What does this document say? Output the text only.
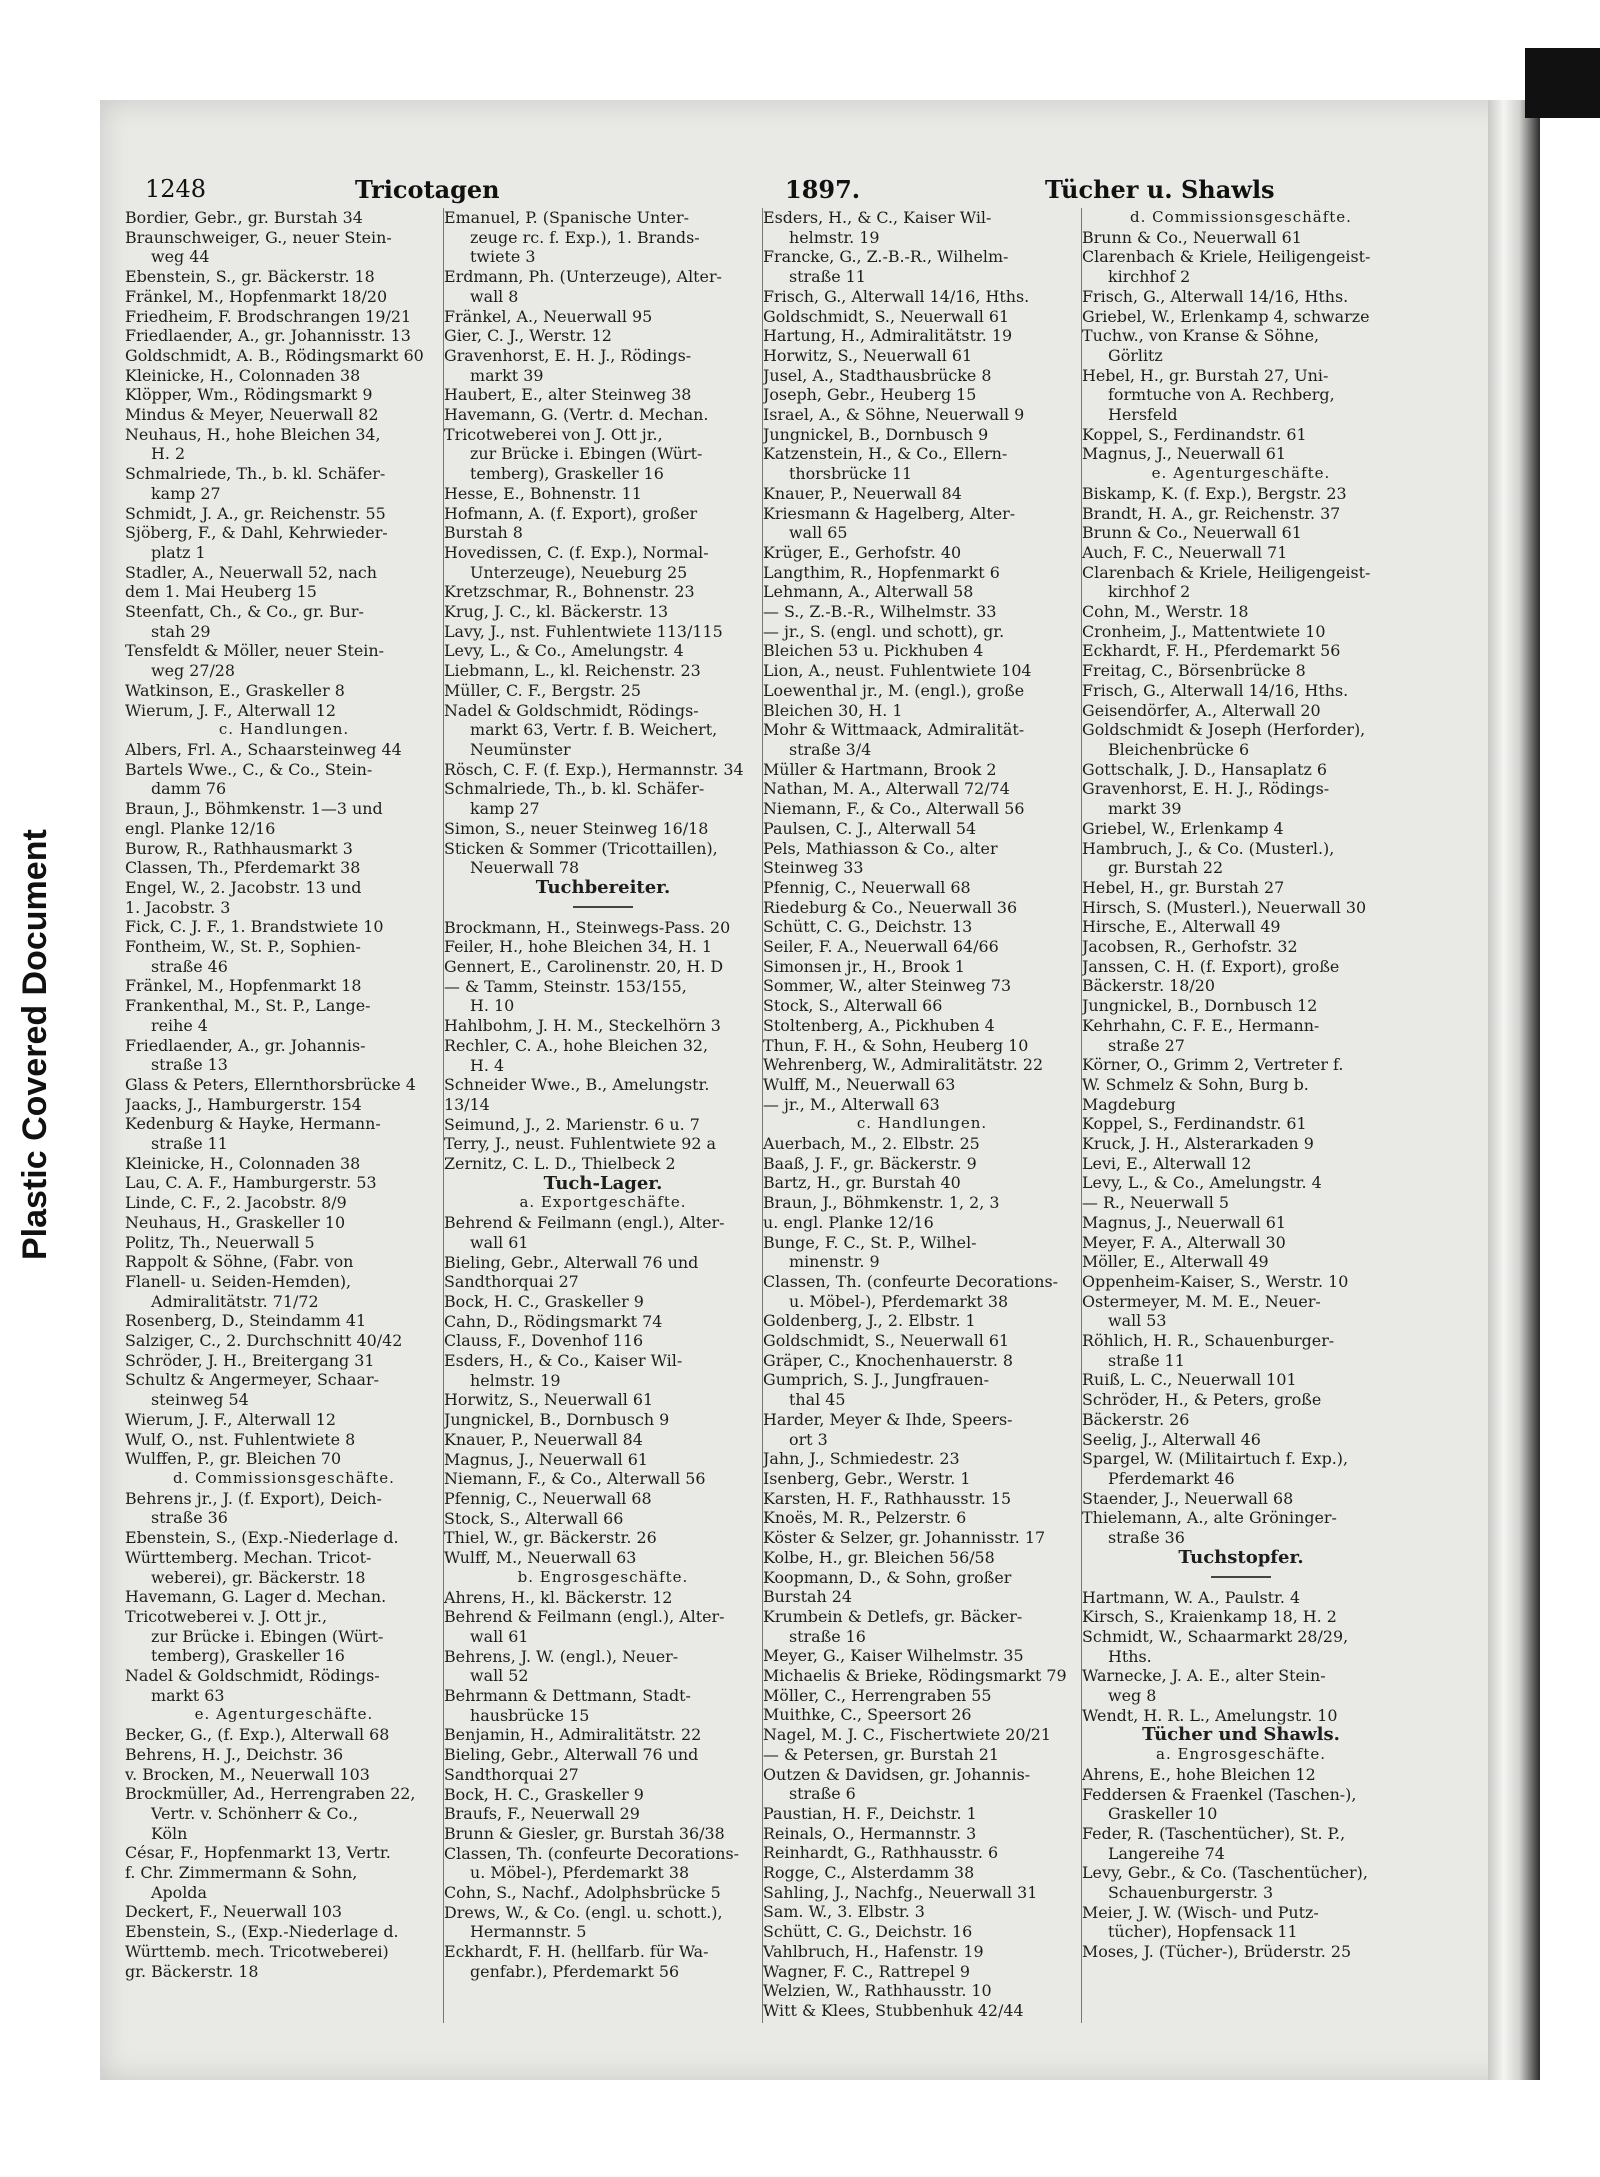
Plastic Covered Document
1248	Tricotagen	1897.	Tücher u. Shawls
Bordier, Gebr., gr. Burstah 34
Braunschweiger, G., neuer Stein-
weg 44
Ebenstein, S., gr. Bäckerstr. 18
Fränkel, M., Hopfenmarkt 18/20
Friedheim, F. Brodschrangen 19/21
Friedlaender, A., gr. Johannisstr. 13
Goldschmidt, A. B., Rödingsmarkt 60
Kleinicke, H., Colonnaden 38
Klöpper, Wm., Rödingsmarkt 9
Mindus & Meyer, Neuerwall 82
Neuhaus, H., hohe Bleichen 34,
H. 2
Schmalriede, Th., b. kl. Schäfer-
kamp 27
Schmidt, J. A., gr. Reichenstr. 55
Sjöberg, F., & Dahl, Kehrwieder-
platz 1
Stadler, A., Neuerwall 52, nach
dem 1. Mai Heuberg 15
Steenfatt, Ch., & Co., gr. Bur-
stah 29
Tensfeldt & Möller, neuer Stein-
weg 27/28
Watkinson, E., Graskeller 8
Wierum, J. F., Alterwall 12
c. Handlungen.
Albers, Frl. A., Schaarsteinweg 44
Bartels Wwe., C., & Co., Stein-
damm 76
Braun, J., Böhmkenstr. 1—3 und
engl. Planke 12/16
Burow, R., Rathhausmarkt 3
Classen, Th., Pferdemarkt 38
Engel, W., 2. Jacobstr. 13 und
1. Jacobstr. 3
Fick, C. J. F., 1. Brandstwiete 10
Fontheim, W., St. P., Sophien-
straße 46
Fränkel, M., Hopfenmarkt 18
Frankenthal, M., St. P., Lange-
reihe 4
Friedlaender, A., gr. Johannis-
straße 13
Glass & Peters, Ellernthorsbrücke 4
Jaacks, J., Hamburgerstr. 154
Kedenburg & Hayke, Hermann-
straße 11
Kleinicke, H., Colonnaden 38
Lau, C. A. F., Hamburgerstr. 53
Linde, C. F., 2. Jacobstr. 8/9
Neuhaus, H., Graskeller 10
Politz, Th., Neuerwall 5
Rappolt & Söhne, (Fabr. von
Flanell- u. Seiden-Hemden),
Admiralitätstr. 71/72
Rosenberg, D., Steindamm 41
Salziger, C., 2. Durchschnitt 40/42
Schröder, J. H., Breitergang 31
Schultz & Angermeyer, Schaar-
steinweg 54
Wierum, J. F., Alterwall 12
Wulf, O., nst. Fuhlentwiete 8
Wulffen, P., gr. Bleichen 70
d. Commissionsgeschäfte.
Behrens jr., J. (f. Export), Deich-
straße 36
Ebenstein, S., (Exp.-Niederlage d.
Württemberg. Mechan. Tricot-
weberei), gr. Bäckerstr. 18
Havemann, G. Lager d. Mechan.
Tricotweberei v. J. Ott jr.,
zur Brücke i. Ebingen (Würt-
temberg), Graskeller 16
Nadel & Goldschmidt, Rödings-
markt 63
e. Agenturgeschäfte.
Becker, G., (f. Exp.), Alterwall 68
Behrens, H. J., Deichstr. 36
v. Brocken, M., Neuerwall 103
Brockmüller, Ad., Herrengraben 22,
Vertr. v. Schönherr & Co.,
Köln
César, F., Hopfenmarkt 13, Vertr.
f. Chr. Zimmermann & Sohn,
Apolda
Deckert, F., Neuerwall 103
Ebenstein, S., (Exp.-Niederlage d.
Württemb. mech. Tricotweberei)
gr. Bäckerstr. 18
Emanuel, P. (Spanische Unter-
zeuge rc. f. Exp.), 1. Brands-
twiete 3
Erdmann, Ph. (Unterzeuge), Alter-
wall 8
Fränkel, A., Neuerwall 95
Gier, C. J., Werstr. 12
Gravenhorst, E. H. J., Rödings-
markt 39
Haubert, E., alter Steinweg 38
Havemann, G. (Vertr. d. Mechan.
Tricotweberei von J. Ott jr.,
zur Brücke i. Ebingen (Würt-
temberg), Graskeller 16
Hesse, E., Bohnenstr. 11
Hofmann, A. (f. Export), großer
Burstah 8
Hovedissen, C. (f. Exp.), Normal-
Unterzeuge), Neueburg 25
Kretzschmar, R., Bohnenstr. 23
Krug, J. C., kl. Bäckerstr. 13
Lavy, J., nst. Fuhlentwiete 113/115
Levy, L., & Co., Amelungstr. 4
Liebmann, L., kl. Reichenstr. 23
Müller, C. F., Bergstr. 25
Nadel & Goldschmidt, Rödings-
markt 63, Vertr. f. B. Weichert,
Neumünster
Rösch, C. F. (f. Exp.), Hermannstr. 34
Schmalriede, Th., b. kl. Schäfer-
kamp 27
Simon, S., neuer Steinweg 16/18
Sticken & Sommer (Tricottaillen),
Neuerwall 78
Tuchbereiter.
Brockmann, H., Steinwegs-Pass. 20
Feiler, H., hohe Bleichen 34, H. 1
Gennert, E., Carolinenstr. 20, H. D
— & Tamm, Steinstr. 153/155,
H. 10
Hahlbohm, J. H. M., Steckelhörn 3
Rechler, C. A., hohe Bleichen 32,
H. 4
Schneider Wwe., B., Amelungstr.
13/14
Seimund, J., 2. Marienstr. 6 u. 7
Terry, J., neust. Fuhlentwiete 92 a
Zernitz, C. L. D., Thielbeck 2
Tuch-Lager.
a. Exportgeschäfte.
Behrend & Feilmann (engl.), Alter-
wall 61
Bieling, Gebr., Alterwall 76 und
Sandthorquai 27
Bock, H. C., Graskeller 9
Cahn, D., Rödingsmarkt 74
Clauss, F., Dovenhof 116
Esders, H., & Co., Kaiser Wil-
helmstr. 19
Horwitz, S., Neuerwall 61
Jungnickel, B., Dornbusch 9
Knauer, P., Neuerwall 84
Magnus, J., Neuerwall 61
Niemann, F., & Co., Alterwall 56
Pfennig, C., Neuerwall 68
Stock, S., Alterwall 66
Thiel, W., gr. Bäckerstr. 26
Wulff, M., Neuerwall 63
b. Engrosgeschäfte.
Ahrens, H., kl. Bäckerstr. 12
Behrend & Feilmann (engl.), Alter-
wall 61
Behrens, J. W. (engl.), Neuer-
wall 52
Behrmann & Dettmann, Stadt-
hausbrücke 15
Benjamin, H., Admiralitätstr. 22
Bieling, Gebr., Alterwall 76 und
Sandthorquai 27
Bock, H. C., Graskeller 9
Braufs, F., Neuerwall 29
Brunn & Giesler, gr. Burstah 36/38
Classen, Th. (confeurte Decorations-
u. Möbel-), Pferdemarkt 38
Cohn, S., Nachf., Adolphsbrücke 5
Drews, W., & Co. (engl. u. schott.),
Hermannstr. 5
Eckhardt, F. H. (hellfarb. für Wa-
genfabr.), Pferdemarkt 56
Esders, H., & C., Kaiser Wil-
helmstr. 19
Francke, G., Z.-B.-R., Wilhelm-
straße 11
Frisch, G., Alterwall 14/16, Hths.
Goldschmidt, S., Neuerwall 61
Hartung, H., Admiralitätstr. 19
Horwitz, S., Neuerwall 61
Jusel, A., Stadthausbrücke 8
Joseph, Gebr., Heuberg 15
Israel, A., & Söhne, Neuerwall 9
Jungnickel, B., Dornbusch 9
Katzenstein, H., & Co., Ellern-
thorsbrücke 11
Knauer, P., Neuerwall 84
Kriesmann & Hagelberg, Alter-
wall 65
Krüger, E., Gerhofstr. 40
Langthim, R., Hopfenmarkt 6
Lehmann, A., Alterwall 58
— S., Z.-B.-R., Wilhelmstr. 33
— jr., S. (engl. und schott), gr.
Bleichen 53 u. Pickhuben 4
Lion, A., neust. Fuhlentwiete 104
Loewenthal jr., M. (engl.), große
Bleichen 30, H. 1
Mohr & Wittmaack, Admiralität-
straße 3/4
Müller & Hartmann, Brook 2
Nathan, M. A., Alterwall 72/74
Niemann, F., & Co., Alterwall 56
Paulsen, C. J., Alterwall 54
Pels, Mathiasson & Co., alter
Steinweg 33
Pfennig, C., Neuerwall 68
Riedeburg & Co., Neuerwall 36
Schütt, C. G., Deichstr. 13
Seiler, F. A., Neuerwall 64/66
Simonsen jr., H., Brook 1
Sommer, W., alter Steinweg 73
Stock, S., Alterwall 66
Stoltenberg, A., Pickhuben 4
Thun, F. H., & Sohn, Heuberg 10
Wehrenberg, W., Admiralitätstr. 22
Wulff, M., Neuerwall 63
— jr., M., Alterwall 63
c. Handlungen.
Auerbach, M., 2. Elbstr. 25
Baaß, J. F., gr. Bäckerstr. 9
Bartz, H., gr. Burstah 40
Braun, J., Böhmkenstr. 1, 2, 3
u. engl. Planke 12/16
Bunge, F. C., St. P., Wilhel-
minenstr. 9
Classen, Th. (confeurte Decorations-
u. Möbel-), Pferdemarkt 38
Goldenberg, J., 2. Elbstr. 1
Goldschmidt, S., Neuerwall 61
Gräper, C., Knochenhauerstr. 8
Gumprich, S. J., Jungfrauen-
thal 45
Harder, Meyer & Ihde, Speers-
ort 3
Jahn, J., Schmiedestr. 23
Isenberg, Gebr., Werstr. 1
Karsten, H. F., Rathhausstr. 15
Knoës, M. R., Pelzerstr. 6
Köster & Selzer, gr. Johannisstr. 17
Kolbe, H., gr. Bleichen 56/58
Koopmann, D., & Sohn, großer
Burstah 24
Krumbein & Detlefs, gr. Bäcker-
straße 16
Meyer, G., Kaiser Wilhelmstr. 35
Michaelis & Brieke, Rödingsmarkt 79
Möller, C., Herrengraben 55
Muithke, C., Speersort 26
Nagel, M. J. C., Fischertwiete 20/21
— & Petersen, gr. Burstah 21
Outzen & Davidsen, gr. Johannis-
straße 6
Paustian, H. F., Deichstr. 1
Reinals, O., Hermannstr. 3
Reinhardt, G., Rathhausstr. 6
Rogge, C., Alsterdamm 38
Sahling, J., Nachfg., Neuerwall 31
Sam. W., 3. Elbstr. 3
Schütt, C. G., Deichstr. 16
Vahlbruch, H., Hafenstr. 19
Wagner, F. C., Rattrepel 9
Welzien, W., Rathhausstr. 10
Witt & Klees, Stubbenhuk 42/44
d. Commissionsgeschäfte.
Brunn & Co., Neuerwall 61
Clarenbach & Kriele, Heiligengeist-
kirchhof 2
Frisch, G., Alterwall 14/16, Hths.
Griebel, W., Erlenkamp 4, schwarze
Tuchw., von Kranse & Söhne,
Görlitz
Hebel, H., gr. Burstah 27, Uni-
formtuche von A. Rechberg,
Hersfeld
Koppel, S., Ferdinandstr. 61
Magnus, J., Neuerwall 61
e. Agenturgeschäfte.
Biskamp, K. (f. Exp.), Bergstr. 23
Brandt, H. A., gr. Reichenstr. 37
Brunn & Co., Neuerwall 61
Auch, F. C., Neuerwall 71
Clarenbach & Kriele, Heiligengeist-
kirchhof 2
Cohn, M., Werstr. 18
Cronheim, J., Mattentwiete 10
Eckhardt, F. H., Pferdemarkt 56
Freitag, C., Börsenbrücke 8
Frisch, G., Alterwall 14/16, Hths.
Geisendörfer, A., Alterwall 20
Goldschmidt & Joseph (Herforder),
Bleichenbrücke 6
Gottschalk, J. D., Hansaplatz 6
Gravenhorst, E. H. J., Rödings-
markt 39
Griebel, W., Erlenkamp 4
Hambruch, J., & Co. (Musterl.),
gr. Burstah 22
Hebel, H., gr. Burstah 27
Hirsch, S. (Musterl.), Neuerwall 30
Hirsche, E., Alterwall 49
Jacobsen, R., Gerhofstr. 32
Janssen, C. H. (f. Export), große
Bäckerstr. 18/20
Jungnickel, B., Dornbusch 12
Kehrhahn, C. F. E., Hermann-
straße 27
Körner, O., Grimm 2, Vertreter f.
W. Schmelz & Sohn, Burg b.
Magdeburg
Koppel, S., Ferdinandstr. 61
Kruck, J. H., Alsterarkaden 9
Levi, E., Alterwall 12
Levy, L., & Co., Amelungstr. 4
— R., Neuerwall 5
Magnus, J., Neuerwall 61
Meyer, F. A., Alterwall 30
Möller, E., Alterwall 49
Oppenheim-Kaiser, S., Werstr. 10
Ostermeyer, M. M. E., Neuer-
wall 53
Röhlich, H. R., Schauenburger-
straße 11
Ruiß, L. C., Neuerwall 101
Schröder, H., & Peters, große
Bäckerstr. 26
Seelig, J., Alterwall 46
Spargel, W. (Militairtuch f. Exp.),
Pferdemarkt 46
Staender, J., Neuerwall 68
Thielemann, A., alte Gröninger-
straße 36
Tuchstopfer.
Hartmann, W. A., Paulstr. 4
Kirsch, S., Kraienkamp 18, H. 2
Schmidt, W., Schaarmarkt 28/29,
Hths.
Warnecke, J. A. E., alter Stein-
weg 8
Wendt, H. R. L., Amelungstr. 10
Tücher und Shawls.
a. Engrosgeschäfte.
Ahrens, E., hohe Bleichen 12
Feddersen & Fraenkel (Taschen-),
Graskeller 10
Feder, R. (Taschentücher), St. P.,
Langereihe 74
Levy, Gebr., & Co. (Taschentücher),
Schauenburgerstr. 3
Meier, J. W. (Wisch- und Putz-
tücher), Hopfensack 11
Moses, J. (Tücher-), Brüderstr. 25
